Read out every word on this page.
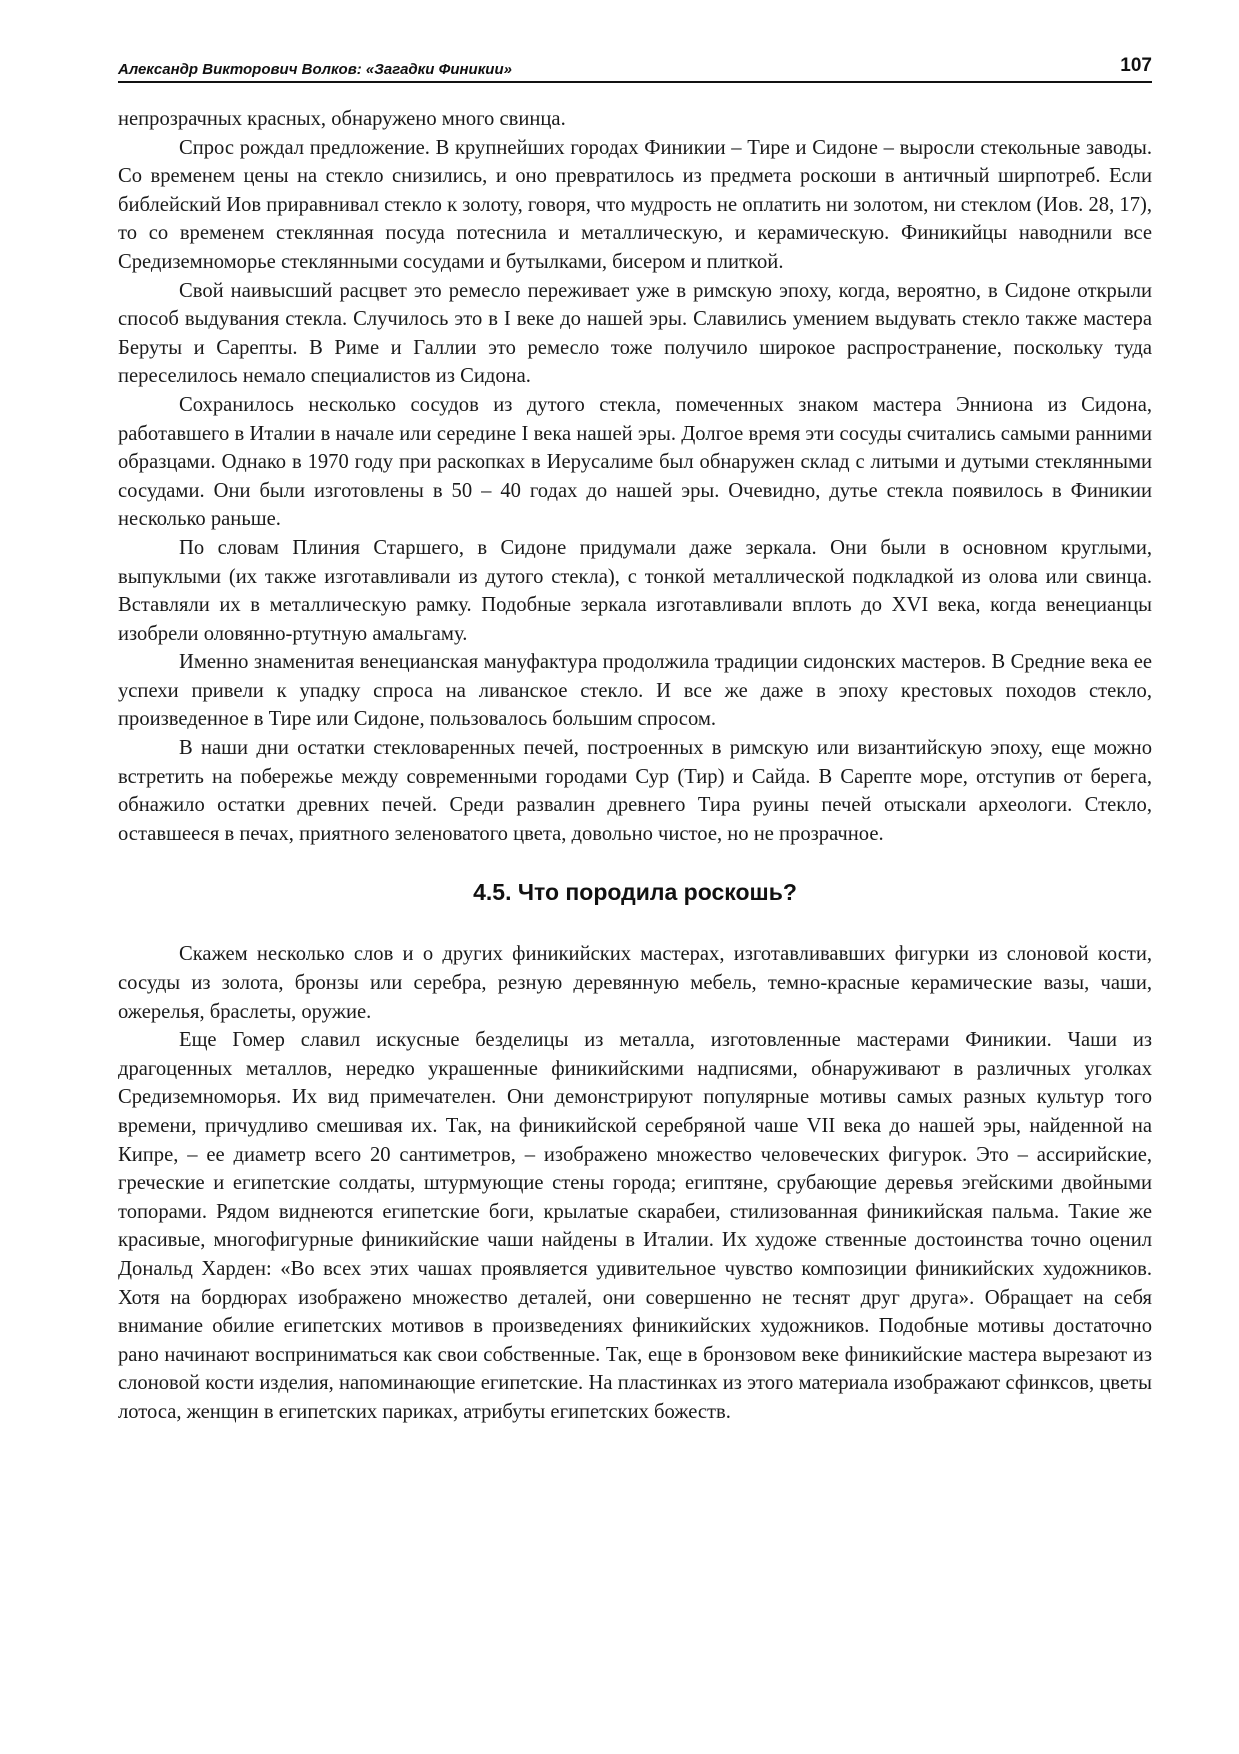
Александр Викторович Волков: «Загадки Финикии»	107

непрозрачных красных, обнаружено много свинца.

Спрос рождал предложение. В крупнейших городах Финикии – Тире и Сидоне – выросли стекольные заводы. Со временем цены на стекло снизились, и оно превратилось из предмета роскоши в античный ширпотреб. Если библейский Иов приравнивал стекло к золоту, говоря, что мудрость не оплатить ни золотом, ни стеклом (Иов. 28, 17), то со временем стеклянная посуда потеснила и металлическую, и керамическую. Финикийцы наводнили все Средиземноморье стеклянными сосудами и бутылками, бисером и плиткой.

Свой наивысший расцвет это ремесло переживает уже в римскую эпоху, когда, вероятно, в Сидоне открыли способ выдувания стекла. Случилось это в I веке до нашей эры. Славились умением выдувать стекло также мастера Беруты и Сарепты. В Риме и Галлии это ремесло тоже получило широкое распространение, поскольку туда переселилось немало специалистов из Сидона.

Сохранилось несколько сосудов из дутого стекла, помеченных знаком мастера Энниона из Сидона, работавшего в Италии в начале или середине I века нашей эры. Долгое время эти сосуды считались самыми ранними образцами. Однако в 1970 году при раскопках в Иерусалиме был обнаружен склад с литыми и дутыми стеклянными сосудами. Они были изготовлены в 50 – 40 годах до нашей эры. Очевидно, дутье стекла появилось в Финикии несколько раньше.

По словам Плиния Старшего, в Сидоне придумали даже зеркала. Они были в основном круглыми, выпуклыми (их также изготавливали из дутого стекла), с тонкой металлической подкладкой из олова или свинца. Вставляли их в металлическую рамку. Подобные зеркала изготавливали вплоть до XVI века, когда венецианцы изобрели оловянно-ртутную амальгаму.

Именно знаменитая венецианская мануфактура продолжила традиции сидонских мастеров. В Средние века ее успехи привели к упадку спроса на ливанское стекло. И все же даже в эпоху крестовых походов стекло, произведенное в Тире или Сидоне, пользовалось большим спросом.

В наши дни остатки стекловаренных печей, построенных в римскую или византийскую эпоху, еще можно встретить на побережье между современными городами Сур (Тир) и Сайда. В Сарепте море, отступив от берега, обнажило остатки древних печей. Среди развалин древнего Тира руины печей отыскали археологи. Стекло, оставшееся в печах, приятного зеленоватого цвета, довольно чистое, но не прозрачное.

4.5. Что породила роскошь?

Скажем несколько слов и о других финикийских мастерах, изготавливавших фигурки из слоновой кости, сосуды из золота, бронзы или серебра, резную деревянную мебель, темно-красные керамические вазы, чаши, ожерелья, браслеты, оружие.

Еще Гомер славил искусные безделицы из металла, изготовленные мастерами Финикии. Чаши из драгоценных металлов, нередко украшенные финикийскими надписями, обнаруживают в различных уголках Средиземноморья. Их вид примечателен. Они демонстрируют популярные мотивы самых разных культур того времени, причудливо смешивая их. Так, на финикийской серебряной чаше VII века до нашей эры, найденной на Кипре, – ее диаметр всего 20 сантиметров, – изображено множество человеческих фигурок. Это – ассирийские, греческие и египетские солдаты, штурмующие стены города; египтяне, срубающие деревья эгейскими двойными топорами. Рядом виднеются египетские боги, крылатые скарабеи, стилизованная финикийская пальма. Такие же красивые, многофигурные финикийские чаши найдены в Италии. Их художе ственные достоинства точно оценил Дональд Харден: «Во всех этих чашах проявляется удивительное чувство композиции финикийских художников. Хотя на бордюрах изображено множество деталей, они совершенно не теснят друг друга». Обращает на себя внимание обилие египетских мотивов в произведениях финикийских художников. Подобные мотивы достаточно рано начинают восприниматься как свои собственные. Так, еще в бронзовом веке финикийские мастера вырезают из слоновой кости изделия, напоминающие египетские. На пластинках из этого материала изображают сфинксов, цветы лотоса, женщин в египетских париках, атрибуты египетских божеств.
